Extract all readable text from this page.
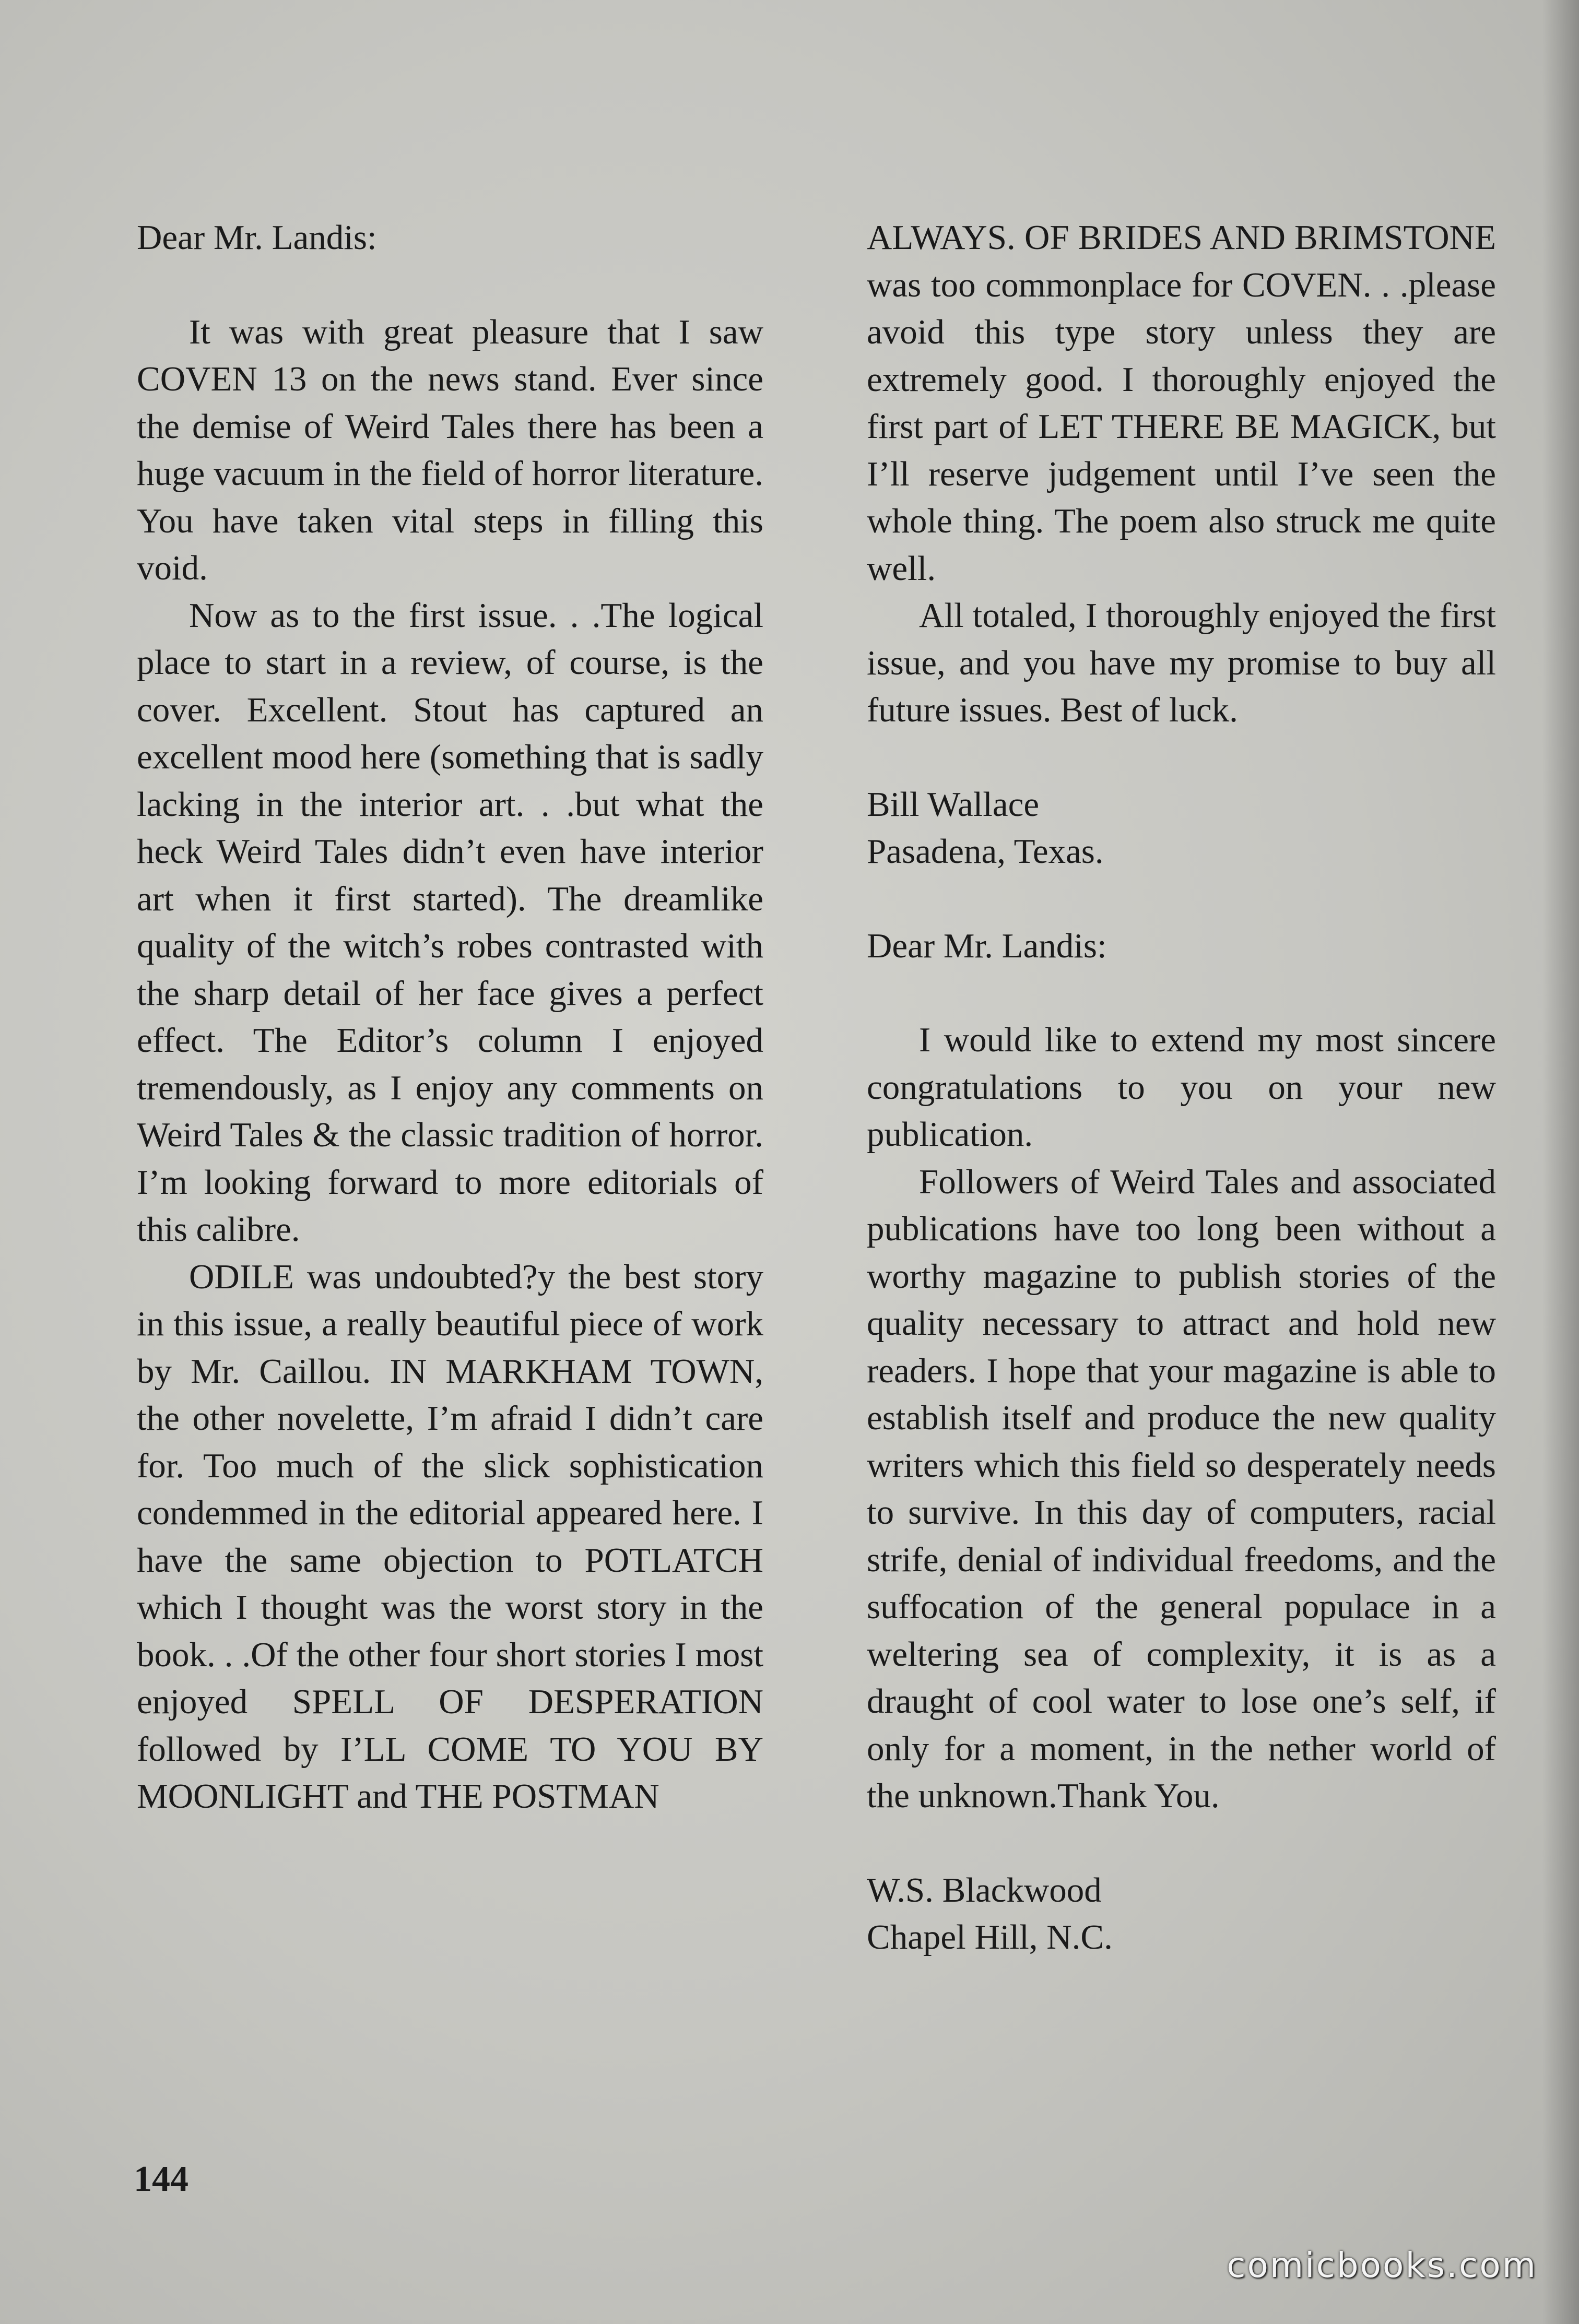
Dear Mr. Landis:

It was with great pleasure that I saw COVEN 13 on the news stand. Ever since the demise of Weird Tales there has been a huge vacuum in the field of horror literature. You have taken vital steps in filling this void.

Now as to the first issue. . .The logical place to start in a review, of course, is the cover. Excellent. Stout has captured an excellent mood here (something that is sadly lacking in the interior art. . .but what the heck Weird Tales didn’t even have interior art when it first started). The dreamlike quality of the witch’s robes contrasted with the sharp detail of her face gives a perfect effect. The Editor’s column I enjoyed tremendously, as I enjoy any comments on Weird Tales & the classic tradition of horror. I’m looking forward to more editorials of this calibre.

ODILE was undoubted?y the best story in this issue, a really beautiful piece of work by Mr. Caillou. IN MARKHAM TOWN, the other novelette, I’m afraid I didn’t care for. Too much of the slick sophistication condemmed in the editorial appeared here. I have the same objection to POTLATCH which I thought was the worst story in the book. . .Of the other four short stories I most enjoyed SPELL OF DESPERATION followed by I’LL COME TO YOU BY MOONLIGHT and THE POSTMAN

ALWAYS. OF BRIDES AND BRIMSTONE was too commonplace for COVEN. . .please avoid this type story unless they are extremely good. I thoroughly enjoyed the first part of LET THERE BE MAGICK, but I’ll reserve judgement until I’ve seen the whole thing. The poem also struck me quite well.

All totaled, I thoroughly enjoyed the first issue, and you have my promise to buy all future issues. Best of luck.

Bill Wallace

Pasadena, Texas.

Dear Mr. Landis:

I would like to extend my most sincere congratulations to you on your new publication.

Followers of Weird Tales and associated publications have too long been without a worthy magazine to publish stories of the quality necessary to attract and hold new readers. I hope that your magazine is able to establish itself and produce the new quality writers which this field so desperately needs to survive. In this day of computers, racial strife, denial of individual freedoms, and the suffocation of the general populace in a weltering sea of complexity, it is as a draught of cool water to lose one’s self, if only for a moment, in the nether world of the unknown.Thank You.

W.S. Blackwood

Chapel Hill, N.C.

144
comicbooks.com
